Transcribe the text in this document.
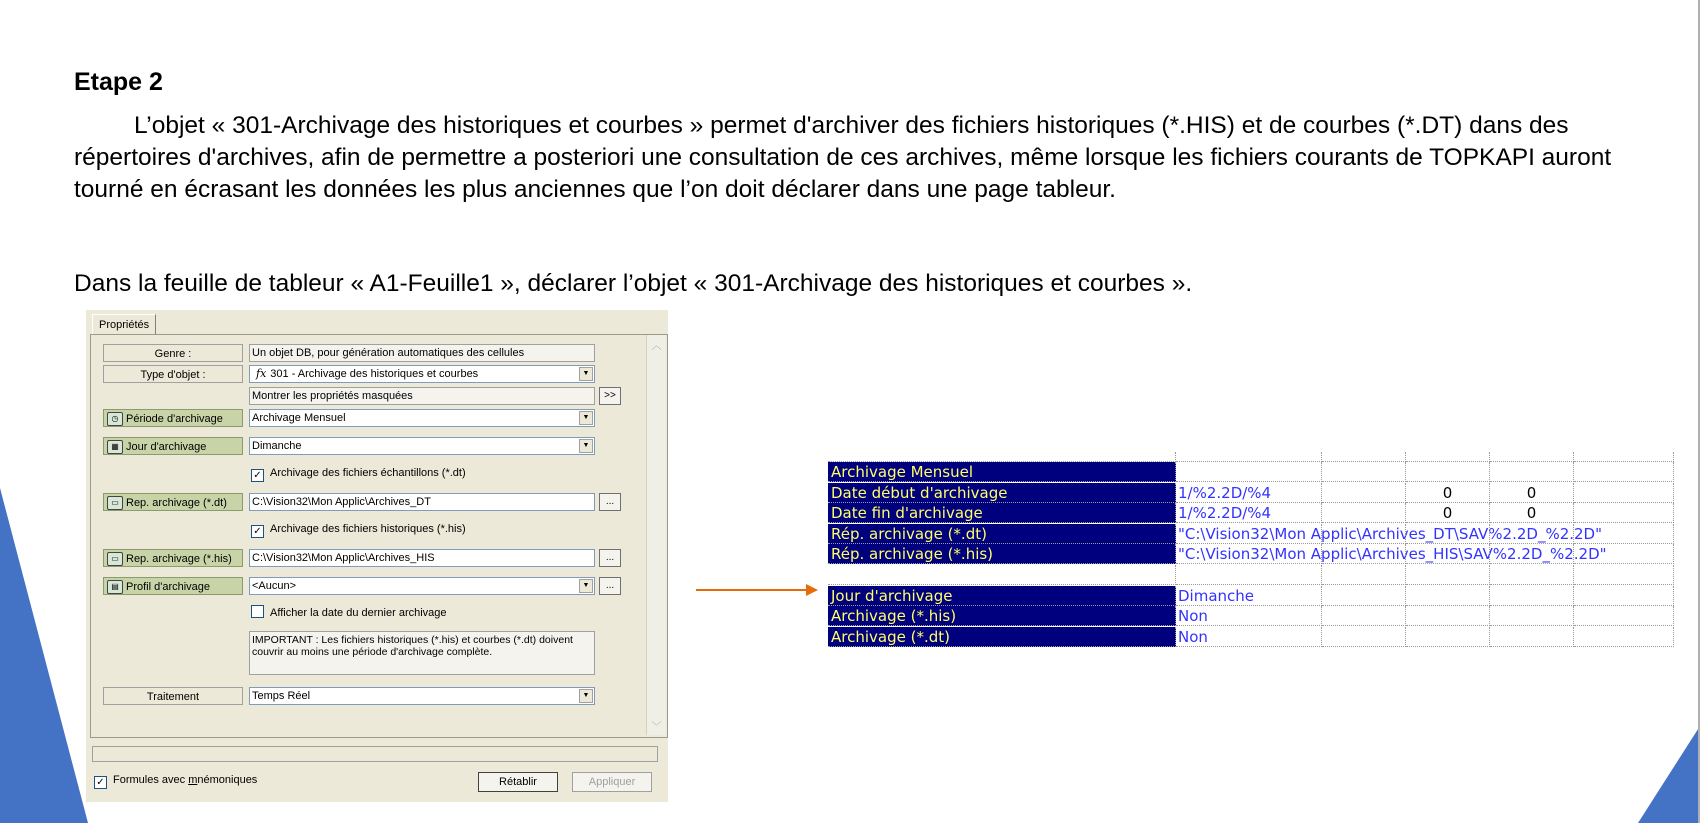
Etape 2
L’objet « 301-Archivage des historiques et courbes » permet d'archiver des fichiers historiques (*.HIS) et de courbes (*.DT) dans des répertoires d'archives, afin de permettre a posteriori une consultation de ces archives, même lorsque les fichiers courants de TOPKAPI auront tourné en écrasant les données les plus anciennes que l’on doit déclarer dans une page tableur.
Dans la feuille de tableur « A1-Feuille1 », déclarer l’objet « 301-Archivage des historiques et courbes ».
Propriétés
Genre :	Un objet DB, pour génération automatiques des cellules
Type d'objet :	fx 301 - Archivage des historiques et courbes	▼
Montrer les propriétés masquées	>>
◷ Période d'archivage	Archivage Mensuel	▼
▦ Jour d'archivage	Dimanche	▼
✓ Archivage des fichiers échantillons (*.dt)
▭ Rep. archivage (*.dt)	C:\Vision32\Mon Applic\Archives_DT	...
✓ Archivage des fichiers historiques (*.his)
▭ Rep. archivage (*.his)	C:\Vision32\Mon Applic\Archives_HIS	...
▤ Profil d'archivage	<Aucun>	▼	...
Afficher la date du dernier archivage
IMPORTANT : Les fichiers historiques (*.his) et courbes (*.dt) doivent couvrir au moins une période d'archivage complète.
Traitement	Temps Réel	▼
︿
﹀
✓ Formules avec mnémoniques	Rétablir	Appliquer
Archivage Mensuel
Date début d'archivage	1/%2.2D/%4	0	0
Date fin d'archivage	1/%2.2D/%4	0	0
Rép. archivage (*.dt)	"C:\Vision32\Mon Applic\Archives_DT\SAV%2.2D_%2.2D"
Rép. archivage (*.his)	"C:\Vision32\Mon Applic\Archives_HIS\SAV%2.2D_%2.2D"
Jour d'archivage	Dimanche
Archivage (*.his)	Non
Archivage (*.dt)	Non
